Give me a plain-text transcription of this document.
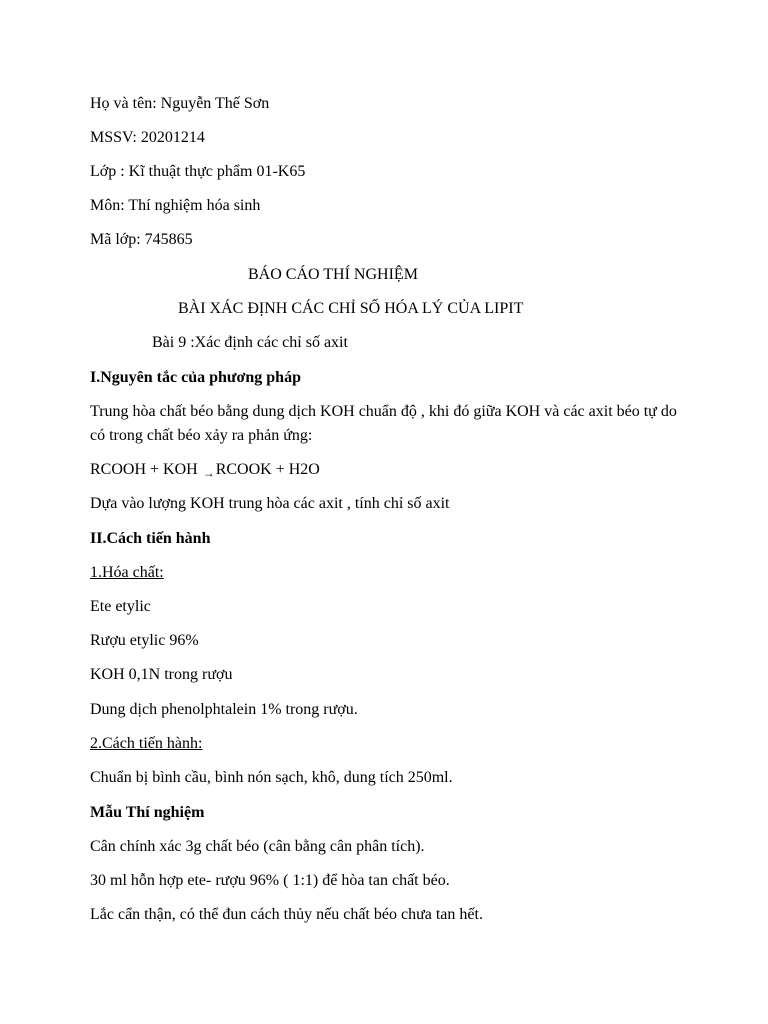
Họ và tên: Nguyễn Thế Sơn

MSSV: 20201214

Lớp : Kĩ thuật thực phẩm 01-K65

Môn: Thí nghiệm hóa sinh

Mã lớp: 745865

BÁO CÁO THÍ NGHIỆM

BÀI XÁC ĐỊNH CÁC CHỈ SỐ HÓA LÝ CỦA LIPIT

Bài 9 :Xác định các chỉ số axit

I.Nguyên tắc của phương pháp

Trung hòa chất béo bằng dung dịch KOH chuẩn độ , khi đó giữa KOH và các axit béo tự do có trong chất béo xảy ra phản ứng:

RCOOH + KOH →RCOOK + H2O

Dựa vào lượng KOH trung hòa các axit , tính chỉ số axit

II.Cách tiến hành

1.Hóa chất:

Ete etylic

Rượu etylic 96%

KOH 0,1N trong rượu

Dung dịch phenolphtalein 1% trong rượu.

2.Cách tiến hành:

Chuẩn bị bình cầu, bình nón sạch, khô, dung tích 250ml.

Mẫu Thí nghiệm

Cân chính xác 3g chất béo (cân bằng cân phân tích).

30 ml hỗn hợp ete- rượu 96% ( 1:1) để hòa tan chất béo.

Lắc cẩn thận, có thể đun cách thủy nếu chất béo chưa tan hết.
